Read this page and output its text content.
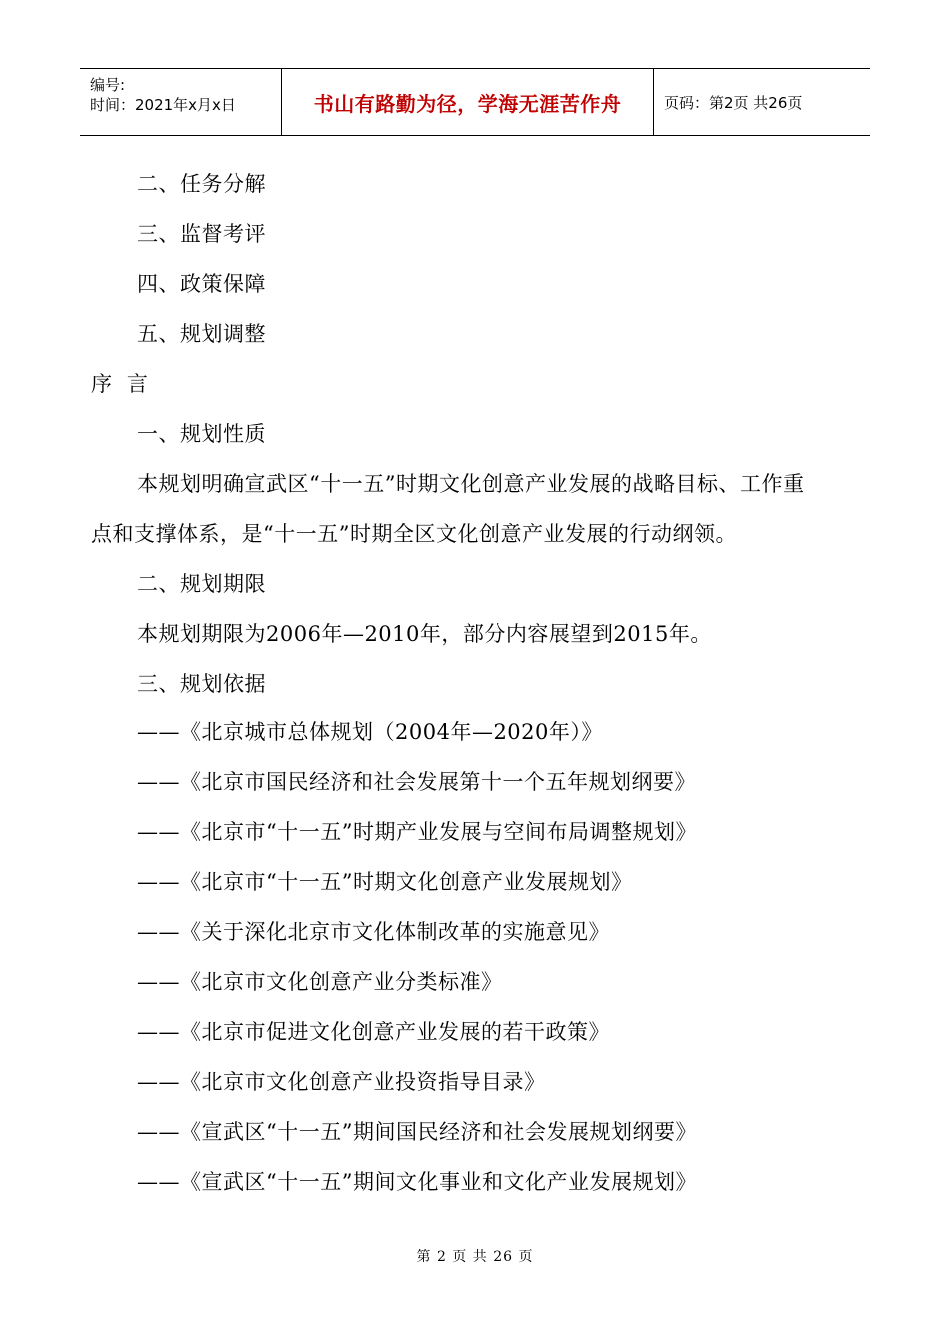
编号:
时间：2021年x月x日	书山有路勤为径，学海无涯苦作舟	页码：第2页 共26页
二、任务分解
三、监督考评
四、政策保障
五、规划调整
序  言
一、规划性质
本规划明确宣武区“十一五”时期文化创意产业发展的战略目标、工作重
点和支撑体系，是“十一五”时期全区文化创意产业发展的行动纲领。
二、规划期限
本规划期限为2006年—2010年，部分内容展望到2015年。
三、规划依据
——《北京城市总体规划（2004年—2020年）》
——《北京市国民经济和社会发展第十一个五年规划纲要》
——《北京市“十一五”时期产业发展与空间布局调整规划》
——《北京市“十一五”时期文化创意产业发展规划》
——《关于深化北京市文化体制改革的实施意见》
——《北京市文化创意产业分类标准》
——《北京市促进文化创意产业发展的若干政策》
——《北京市文化创意产业投资指导目录》
——《宣武区“十一五”期间国民经济和社会发展规划纲要》
——《宣武区“十一五”期间文化事业和文化产业发展规划》
第 2 页 共 26 页
